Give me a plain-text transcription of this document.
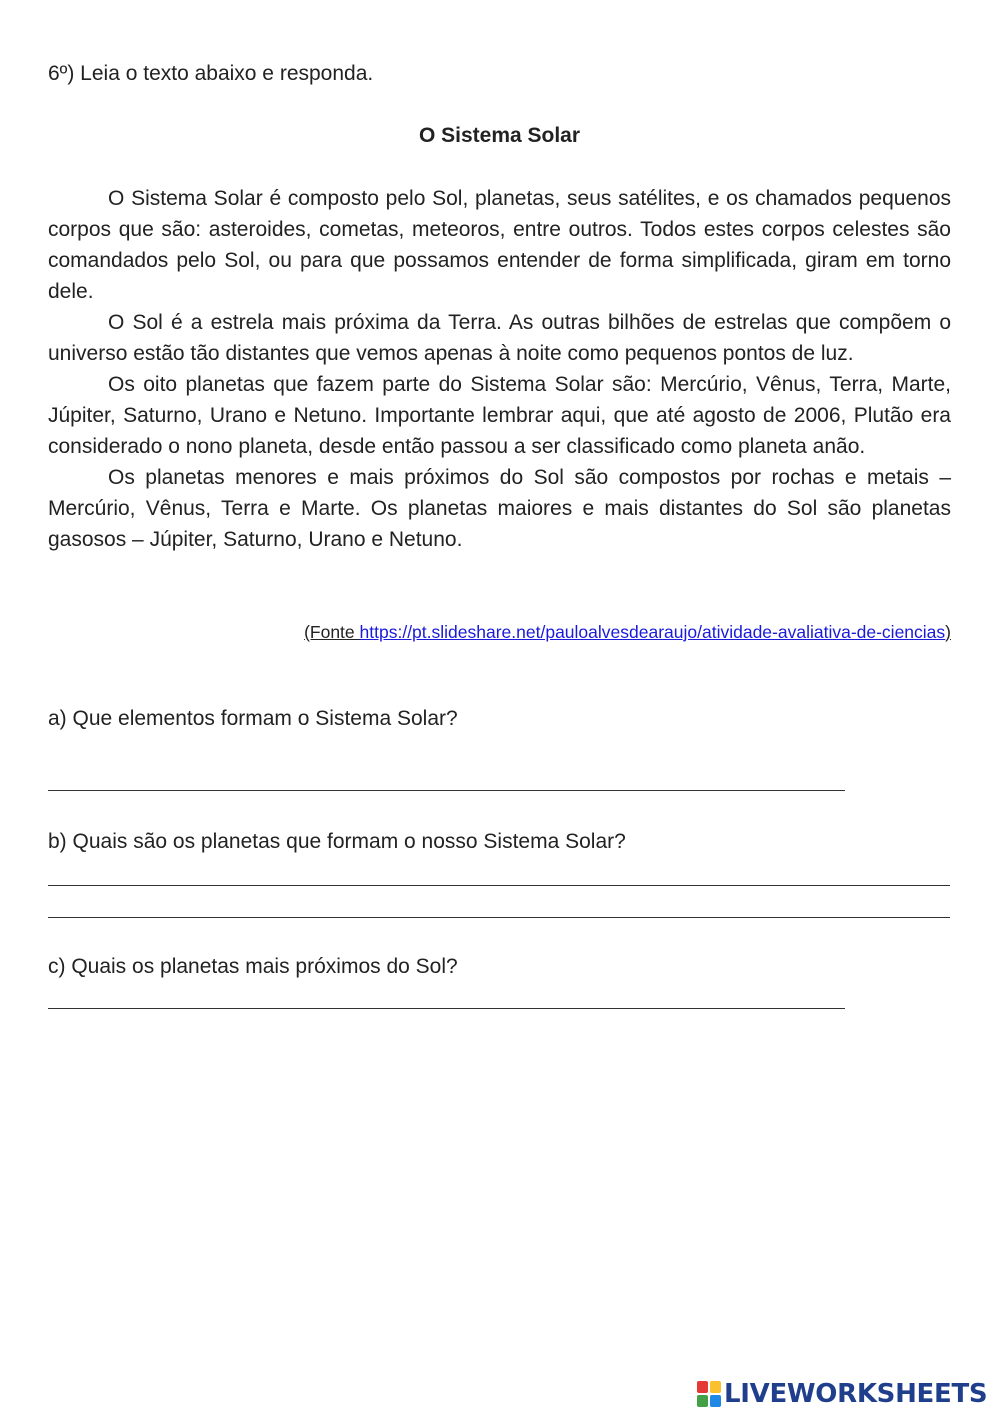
6º) Leia o texto abaixo e responda.
O Sistema Solar

O Sistema Solar é composto pelo Sol, planetas, seus satélites, e os chamados pequenos corpos que são: asteroides, cometas, meteoros, entre outros. Todos estes corpos celestes são comandados pelo Sol, ou para que possamos entender de forma simplificada, giram em torno dele.

O Sol é a estrela mais próxima da Terra. As outras bilhões de estrelas que compõem o universo estão tão distantes que vemos apenas à noite como pequenos pontos de luz.

Os oito planetas que fazem parte do Sistema Solar são: Mercúrio, Vênus, Terra, Marte, Júpiter, Saturno, Urano e Netuno. Importante lembrar aqui, que até agosto de 2006, Plutão era considerado o nono planeta, desde então passou a ser classificado como planeta anão.

Os planetas menores e mais próximos do Sol são compostos por rochas e metais – Mercúrio, Vênus, Terra e Marte. Os planetas maiores e mais distantes do Sol são planetas gasosos – Júpiter, Saturno, Urano e Netuno.

(Fonte https://pt.slideshare.net/pauloalvesdearaujo/atividade-avaliativa-de-ciencias)
a) Que elementos formam o Sistema Solar?
b) Quais são os planetas que formam o nosso Sistema Solar?
c) Quais os planetas mais próximos do Sol?
LIVEWORKSHEETS
